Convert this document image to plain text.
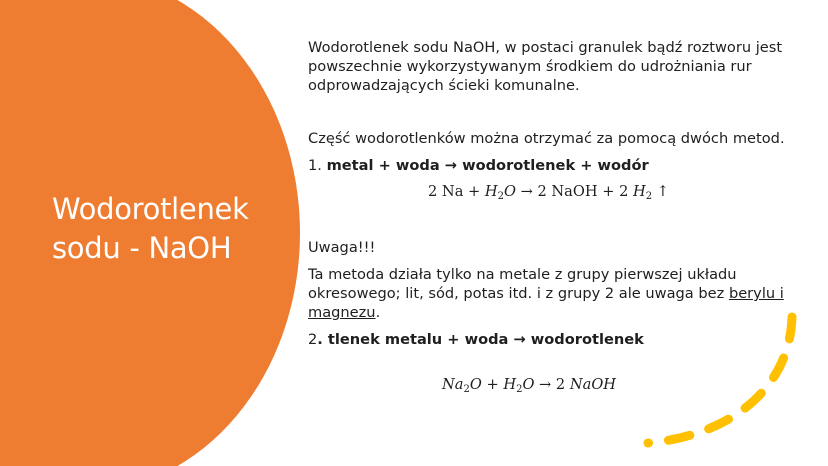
Wodorotlenek
sodu - NaOH

Wodorotlenek sodu NaOH, w postaci granulek bądź roztworu jest
powszechnie wykorzystywanym środkiem do udrożniania rur
odprowadzających ścieki komunalne.

Część wodorotlenków można otrzymać za pomocą dwóch metod.

1. metal + woda → wodorotlenek + wodór

2 $Na + H_2O \to 2$ NaOH + 2 $H_2$ ↑

Uwaga!!!

Ta metoda działa tylko na metale z grupy pierwszej układu
okresowego; lit, sód, potas itd. i z grupy 2 ale uwaga bez berylu i
magnezu.

2. tlenek metalu + woda → wodorotlenek

$Na_2O + H_2O \to 2$ NaOH
